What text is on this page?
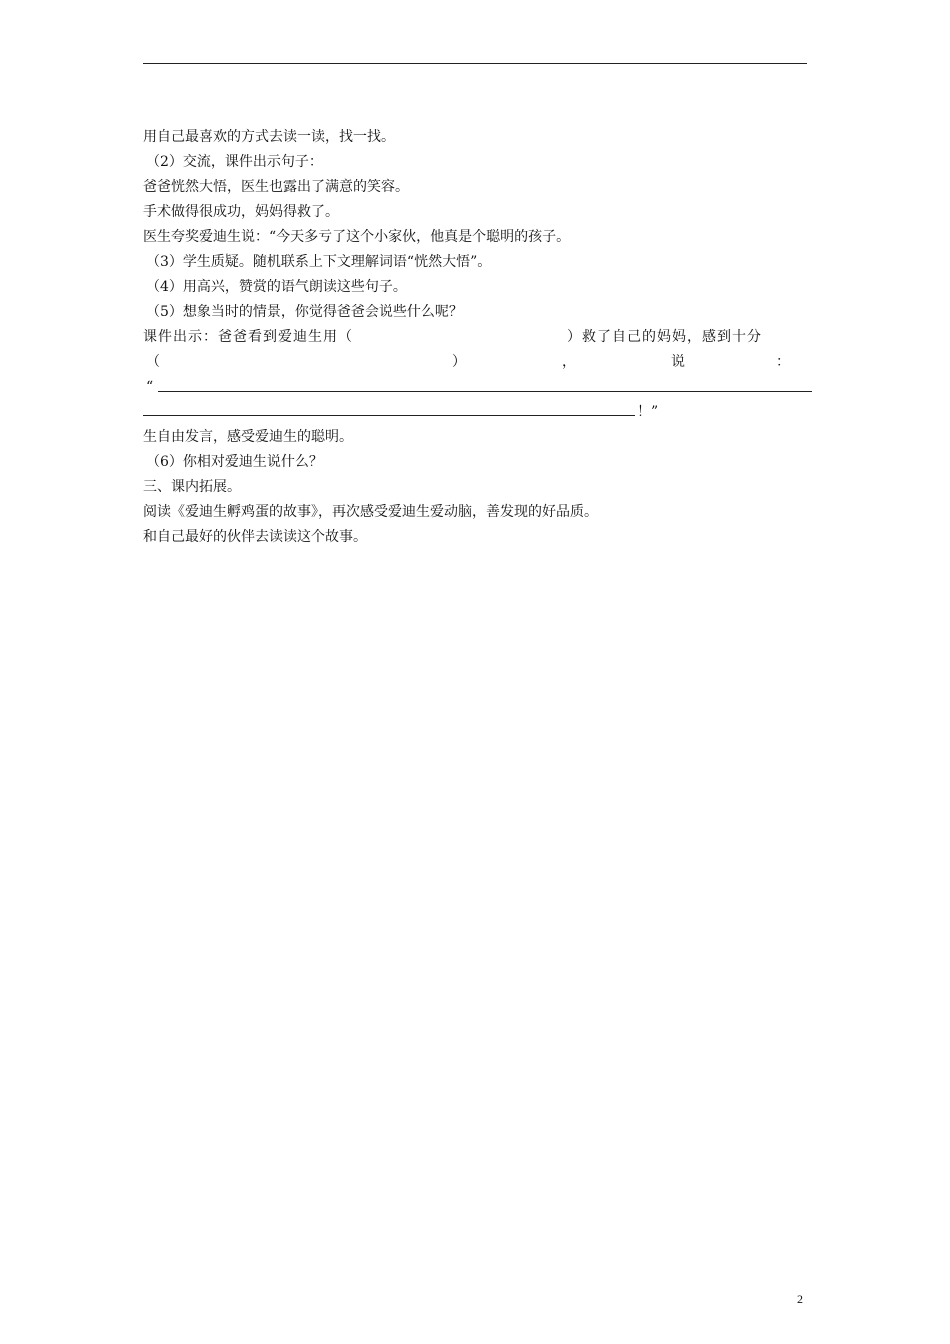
用自己最喜欢的方式去读一读，找一找。
（2）交流，课件出示句子：
爸爸恍然大悟，医生也露出了满意的笑容。
手术做得很成功，妈妈得救了。
医生夸奖爱迪生说：“今天多亏了这个小家伙，他真是个聪明的孩子。
（3）学生质疑。随机联系上下文理解词语“恍然大悟”。
（4）用高兴，赞赏的语气朗读这些句子。
（5）想象当时的情景，你觉得爸爸会说些什么呢？
课件出示：爸爸看到爱迪生用（	）救了自己的妈妈，感到十分
（	）	，	说	：
“
！”
生自由发言，感受爱迪生的聪明。
（6）你相对爱迪生说什么？
三、课内拓展。
阅读《爱迪生孵鸡蛋的故事》，再次感受爱迪生爱动脑，善发现的好品质。
和自己最好的伙伴去读读这个故事。
2
